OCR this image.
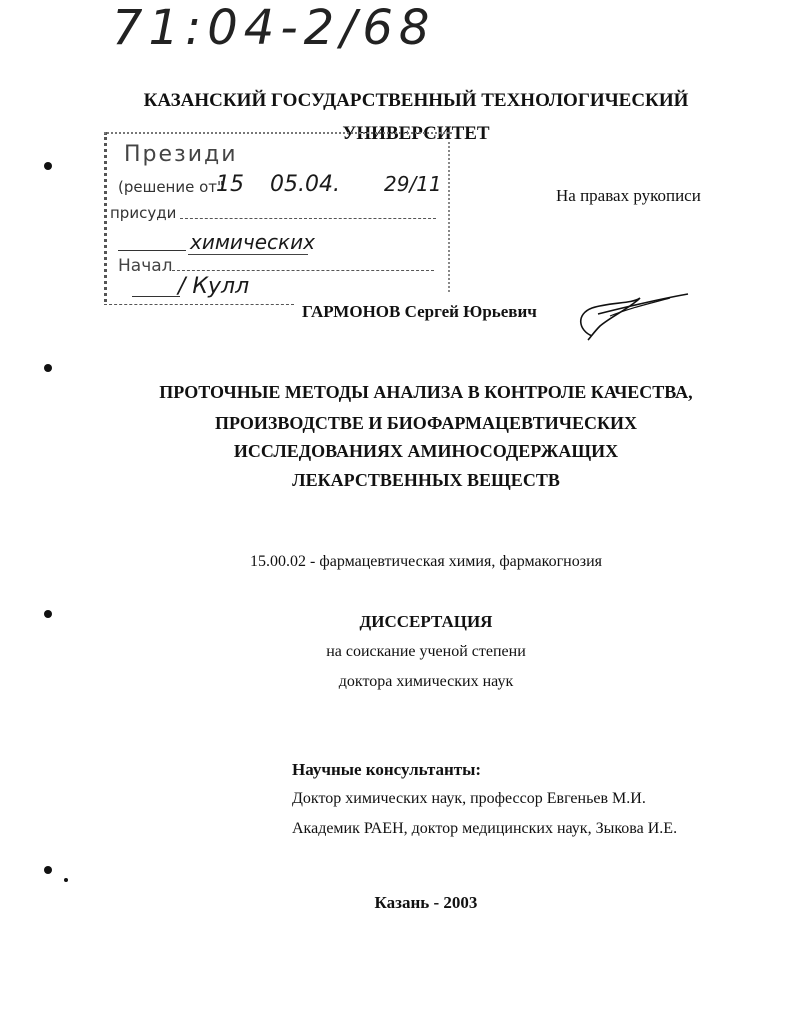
71:04-2/68
КАЗАНСКИЙ ГОСУДАРСТВЕННЫЙ ТЕХНОЛОГИЧЕСКИЙ
УНИВЕРСИТЕТ
На правах рукописи
Президи
(решение от"
15 05.04. 29/11
присуди
химических
Начал
/ Кулл
ГАРМОНОВ Сергей Юрьевич
ПРОТОЧНЫЕ МЕТОДЫ АНАЛИЗА В КОНТРОЛЕ КАЧЕСТВА,
ПРОИЗВОДСТВЕ И БИОФАРМАЦЕВТИЧЕСКИХ
ИССЛЕДОВАНИЯХ АМИНОСОДЕРЖАЩИХ
ЛЕКАРСТВЕННЫХ ВЕЩЕСТВ
15.00.02 - фармацевтическая химия, фармакогнозия
ДИССЕРТАЦИЯ
на соискание ученой степени
доктора химических наук
Научные консультанты:
Доктор химических наук, профессор Евгеньев М.И.
Академик РАЕН, доктор медицинских наук, Зыкова И.Е.
Казань - 2003
